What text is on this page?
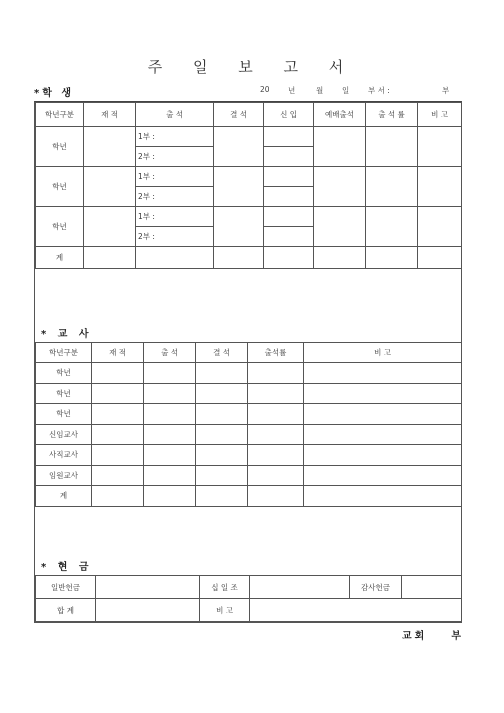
주 일 보 고 서
*학 생	20 년	월	일	부 서 :	부
학년구분	재 적	출 석	결 석	신 입	예배출석	출 석 률	비 고
학년		1부 :					
		2부 :					
학년		1부 :					
		2부 :					
학년		1부 :					
		2부 :					
계							
* 교 사
학년구분	재 적	출 석	결 석	출석률	비 고
학년					
학년					
학년					
신임교사					
사직교사					
임원교사					
계					
* 현 금
일반헌금		십 일 조		감사헌금	
합 계		비 고			
교회 부
